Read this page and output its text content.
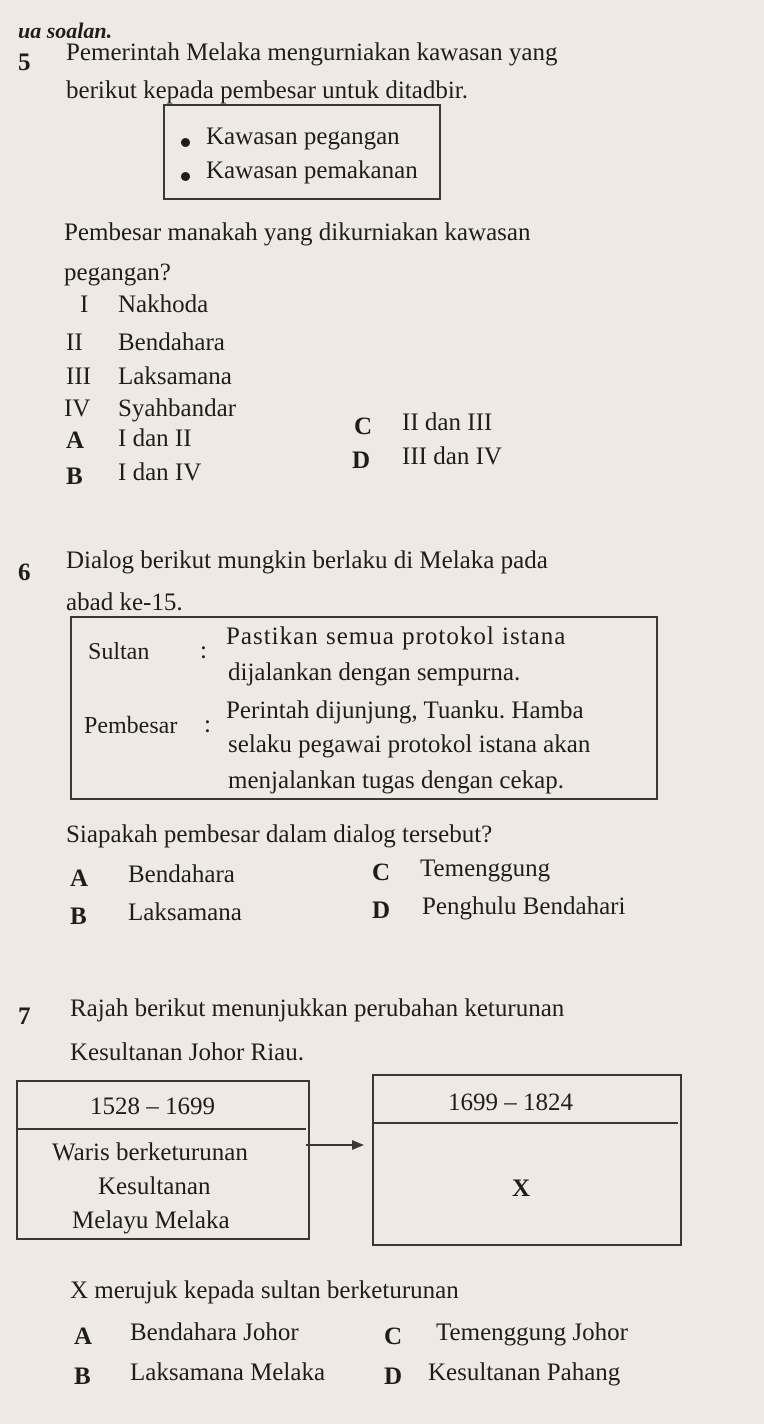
ua soalan.
5 Pemerintah Melaka mengurniakan kawasan yang
berikut kepada pembesar untuk ditadbir.
Kawasan pegangan
Kawasan pemakanan
Pembesar manakah yang dikurniakan kawasan
pegangan?
I Nakhoda
II Bendahara
III Laksamana
IV Syahbandar
A I dan II
B I dan IV
C II dan III
D III dan IV
6 Dialog berikut mungkin berlaku di Melaka pada
abad ke-15.
Sultan :
Pastikan semua protokol istana
dijalankan dengan sempurna.
Pembesar :
Perintah dijunjung, Tuanku. Hamba
selaku pegawai protokol istana akan
menjalankan tugas dengan cekap.
Siapakah pembesar dalam dialog tersebut?
A Bendahara
B Laksamana
C Temenggung
D Penghulu Bendahari
7 Rajah berikut menunjukkan perubahan keturunan
Kesultanan Johor Riau.
1528 – 1699
Waris berketurunan
Kesultanan
Melayu Melaka
1699 – 1824
X
X merujuk kepada sultan berketurunan
A Bendahara Johor
B Laksamana Melaka
C Temenggung Johor
D Kesultanan Pahang
